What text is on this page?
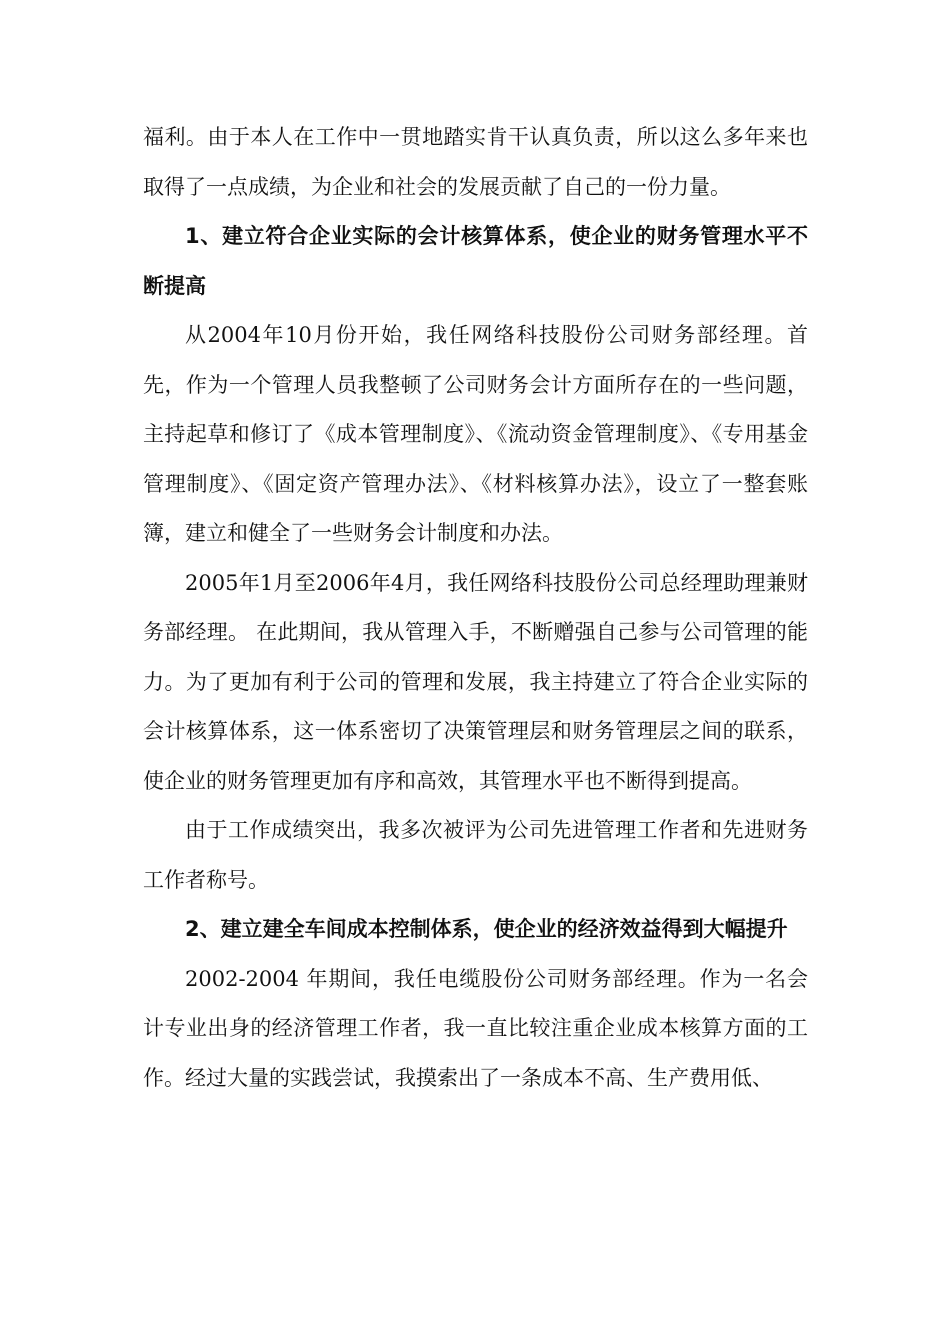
福利。由于本人在工作中一贯地踏实肯干认真负责，所以这么多年来也取得了一点成绩，为企业和社会的发展贡献了自己的一份力量。

1、建立符合企业实际的会计核算体系，使企业的财务管理水平不断提高

从2004年10月份开始，我任网络科技股份公司财务部经理。首先，作为一个管理人员我整顿了公司财务会计方面所存在的一些问题，主持起草和修订了《成本管理制度》、《流动资金管理制度》、《专用基金管理制度》、《固定资产管理办法》、《材料核算办法》，设立了一整套账簿，建立和健全了一些财务会计制度和办法。

2005年1月至2006年4月，我任网络科技股份公司总经理助理兼财务部经理。 在此期间，我从管理入手，不断赠强自己参与公司管理的能力。为了更加有利于公司的管理和发展，我主持建立了符合企业实际的会计核算体系，这一体系密切了决策管理层和财务管理层之间的联系，使企业的财务管理更加有序和高效，其管理水平也不断得到提高。

由于工作成绩突出，我多次被评为公司先进管理工作者和先进财务工作者称号。

2、建立建全车间成本控制体系，使企业的经济效益得到大幅提升

2002-2004 年期间，我任电缆股份公司财务部经理。作为一名会计专业出身的经济管理工作者，我一直比较注重企业成本核算方面的工作。经过大量的实践尝试，我摸索出了一条成本不高、生产费用低、
